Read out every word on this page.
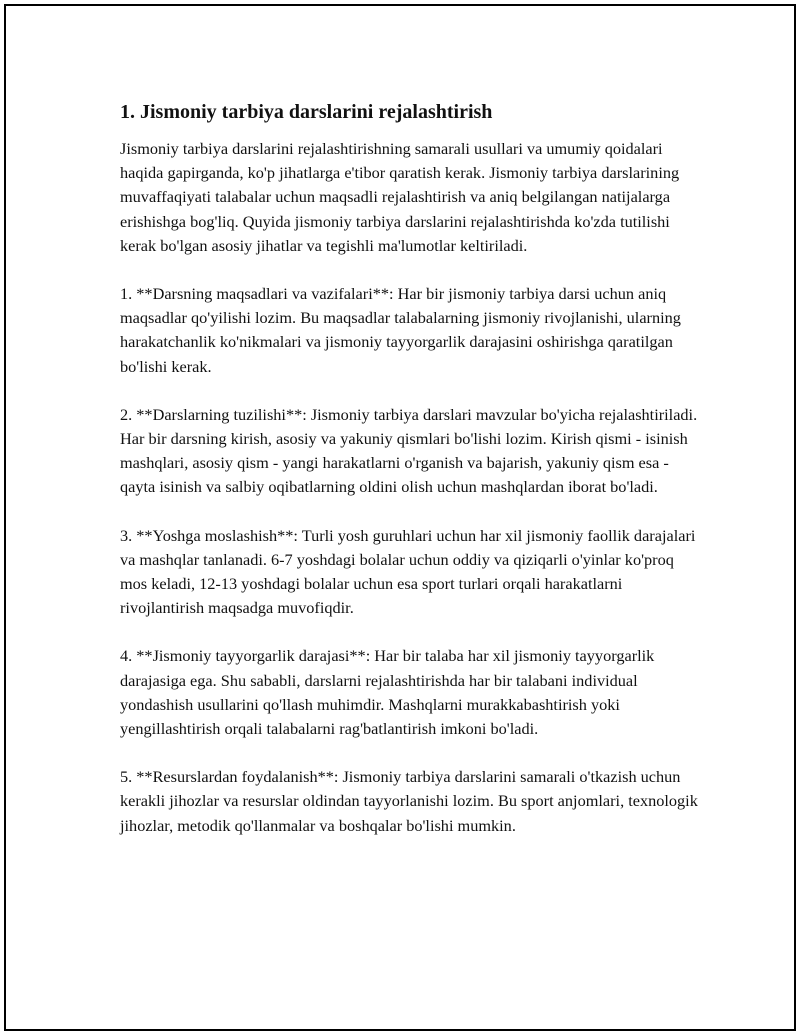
1. Jismoniy tarbiya darslarini rejalashtirish

Jismoniy tarbiya darslarini rejalashtirishning samarali usullari va umumiy qoidalari haqida gapirganda, ko'p jihatlarga e'tibor qaratish kerak. Jismoniy tarbiya darslarining muvaffaqiyati talabalar uchun maqsadli rejalashtirish va aniq belgilangan natijalarga erishishga bog'liq. Quyida jismoniy tarbiya darslarini rejalashtirishda ko'zda tutilishi kerak bo'lgan asosiy jihatlar va tegishli ma'lumotlar keltiriladi.

1. **Darsning maqsadlari va vazifalari**: Har bir jismoniy tarbiya darsi uchun aniq maqsadlar qo'yilishi lozim. Bu maqsadlar talabalarning jismoniy rivojlanishi, ularning harakatchanlik ko'nikmalari va jismoniy tayyorgarlik darajasini oshirishga qaratilgan bo'lishi kerak.

2. **Darslarning tuzilishi**: Jismoniy tarbiya darslari mavzular bo'yicha rejalashtiriladi. Har bir darsning kirish, asosiy va yakuniy qismlari bo'lishi lozim. Kirish qismi - isinish mashqlari, asosiy qism - yangi harakatlarni o'rganish va bajarish, yakuniy qism esa - qayta isinish va salbiy oqibatlarning oldini olish uchun mashqlardan iborat bo'ladi.

3. **Yoshga moslashish**: Turli yosh guruhlari uchun har xil jismoniy faollik darajalari va mashqlar tanlanadi. 6-7 yoshdagi bolalar uchun oddiy va qiziqarli o'yinlar ko'proq mos keladi, 12-13 yoshdagi bolalar uchun esa sport turlari orqali harakatlarni rivojlantirish maqsadga muvofiqdir.

4. **Jismoniy tayyorgarlik darajasi**: Har bir talaba har xil jismoniy tayyorgarlik darajasiga ega. Shu sababli, darslarni rejalashtirishda har bir talabani individual yondashish usullarini qo'llash muhimdir. Mashqlarni murakkabashtirish yoki yengillashtirish orqali talabalarni rag'batlantirish imkoni bo'ladi.

5. **Resurslardan foydalanish**: Jismoniy tarbiya darslarini samarali o'tkazish uchun kerakli jihozlar va resurslar oldindan tayyorlanishi lozim. Bu sport anjomlari, texnologik jihozlar, metodik qo'llanmalar va boshqalar bo'lishi mumkin.
